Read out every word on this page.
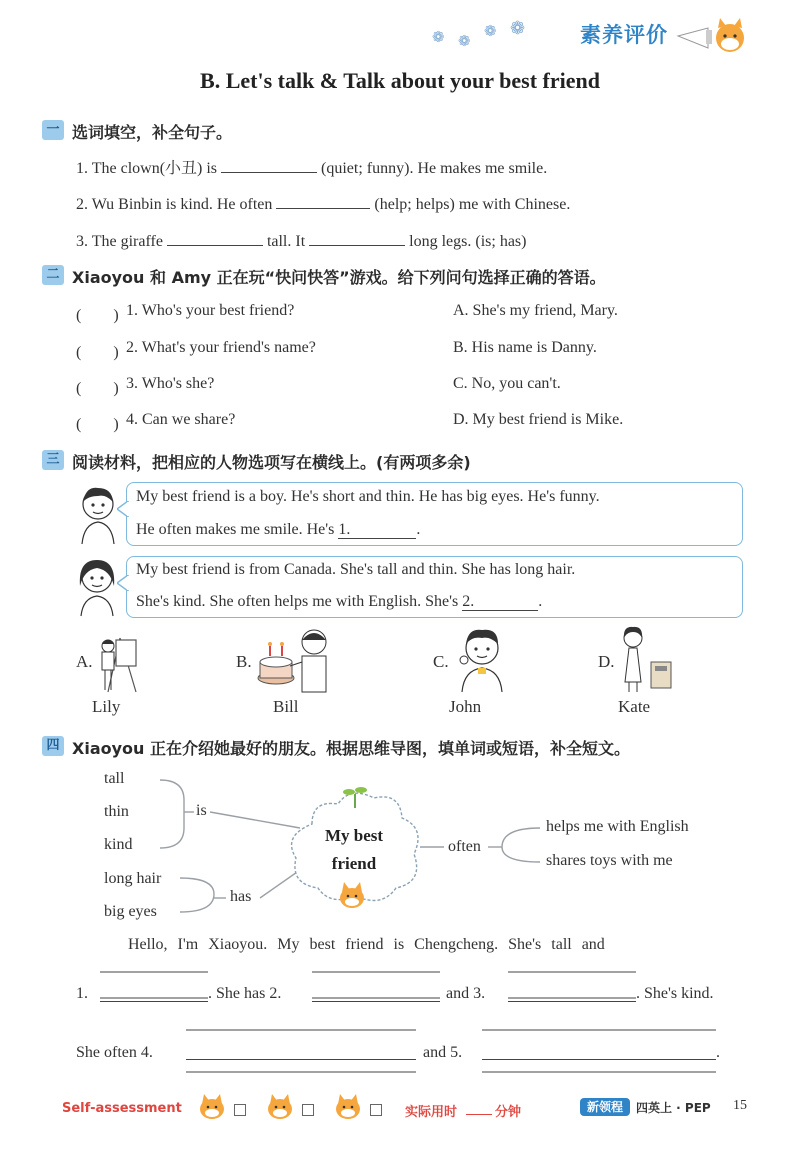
❁ ❁
❁ ❁	素养评价
B. Let's talk & Talk about your best friend
一 选词填空，补全句子。
1. The clown(小丑) is	(quiet; funny). He makes me smile.
2. Wu Binbin is kind. He often	(help; helps) me with Chinese.
3. The giraffe	tall. It	long legs. (is; has)
二 Xiaoyou 和 Amy 正在玩“快问快答”游戏。给下列问句选择正确的答语。
(　　) 1. Who's your best friend?	A. She's my friend, Mary.
(　　) 2. What's your friend's name?	B. His name is Danny.
(　　) 3. Who's she?	C. No, you can't.
(　　) 4. Can we share?	D. My best friend is Mike.
三 阅读材料，把相应的人物选项写在横线上。(有两项多余)
My best friend is a boy. He's short and thin. He has big eyes. He's funny.
He often makes me smile. He's 1.	.
My best friend is from Canada. She's tall and thin. She has long hair.
She's kind. She often helps me with English. She's 2.	.
A.
Lily
B.
Bill
C.
John
D.
Kate
四 Xiaoyou 正在介绍她最好的朋友。根据思维导图，填单词或短语，补全短文。
tall
thin
kind
is
long hair
big eyes
has
often
helps me with English
shares toys with me
My best
friend
Hello, I'm Xiaoyou. My best friend is Chengcheng. She's tall and
1.	. She has 2.	and 3.	. She's kind.
She often 4.	and 5.	.
Self-assessment	实际用时	分钟	新领程	四英上 · PEP 15
